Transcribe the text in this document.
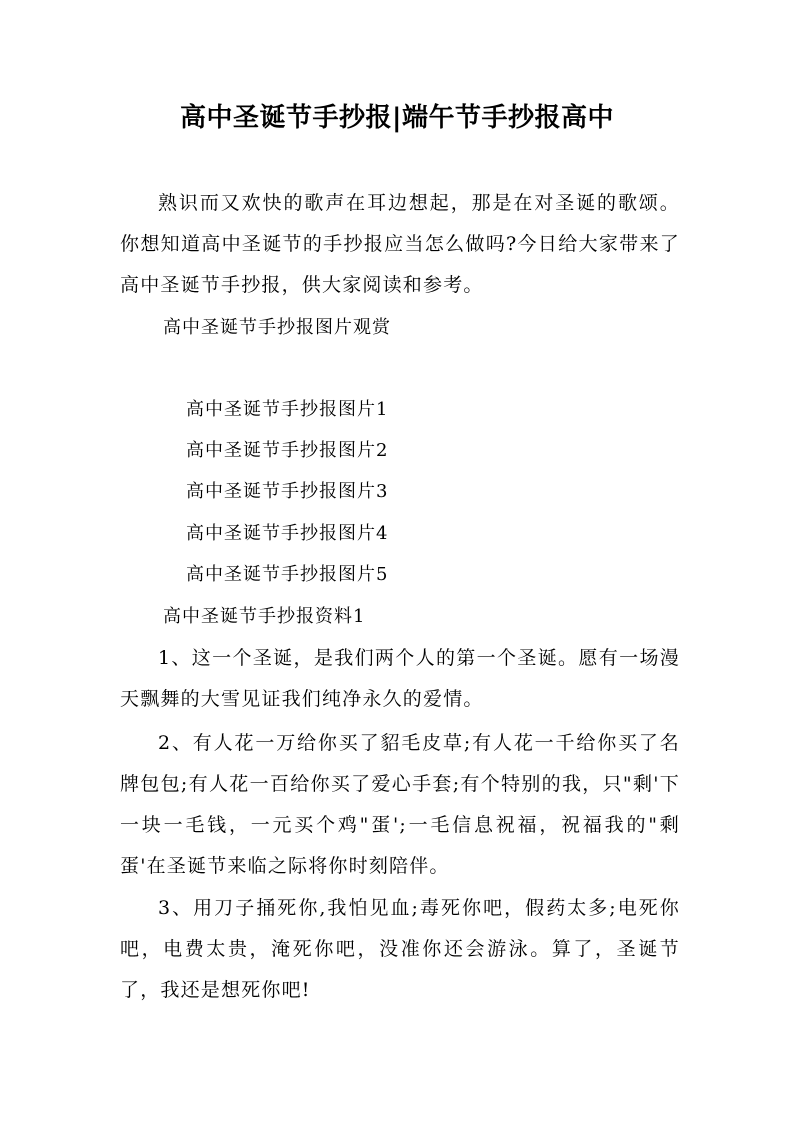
高中圣诞节手抄报|端午节手抄报高中
熟识而又欢快的歌声在耳边想起，那是在对圣诞的歌颂。你想知道高中圣诞节的手抄报应当怎么做吗?今日给大家带来了高中圣诞节手抄报，供大家阅读和参考。
高中圣诞节手抄报图片观赏
高中圣诞节手抄报图片1
高中圣诞节手抄报图片2
高中圣诞节手抄报图片3
高中圣诞节手抄报图片4
高中圣诞节手抄报图片5
高中圣诞节手抄报资料1
1、这一个圣诞，是我们两个人的第一个圣诞。愿有一场漫天飘舞的大雪见证我们纯净永久的爱情。
2、有人花一万给你买了貂毛皮草;有人花一千给你买了名牌包包;有人花一百给你买了爱心手套;有个特别的我，只"剩'下一块一毛钱，一元买个鸡"蛋';一毛信息祝福，祝福我的"剩蛋'在圣诞节来临之际将你时刻陪伴。
3、用刀子捅死你,我怕见血;毒死你吧，假药太多;电死你吧，电费太贵，淹死你吧，没准你还会游泳。算了，圣诞节了，我还是想死你吧!
